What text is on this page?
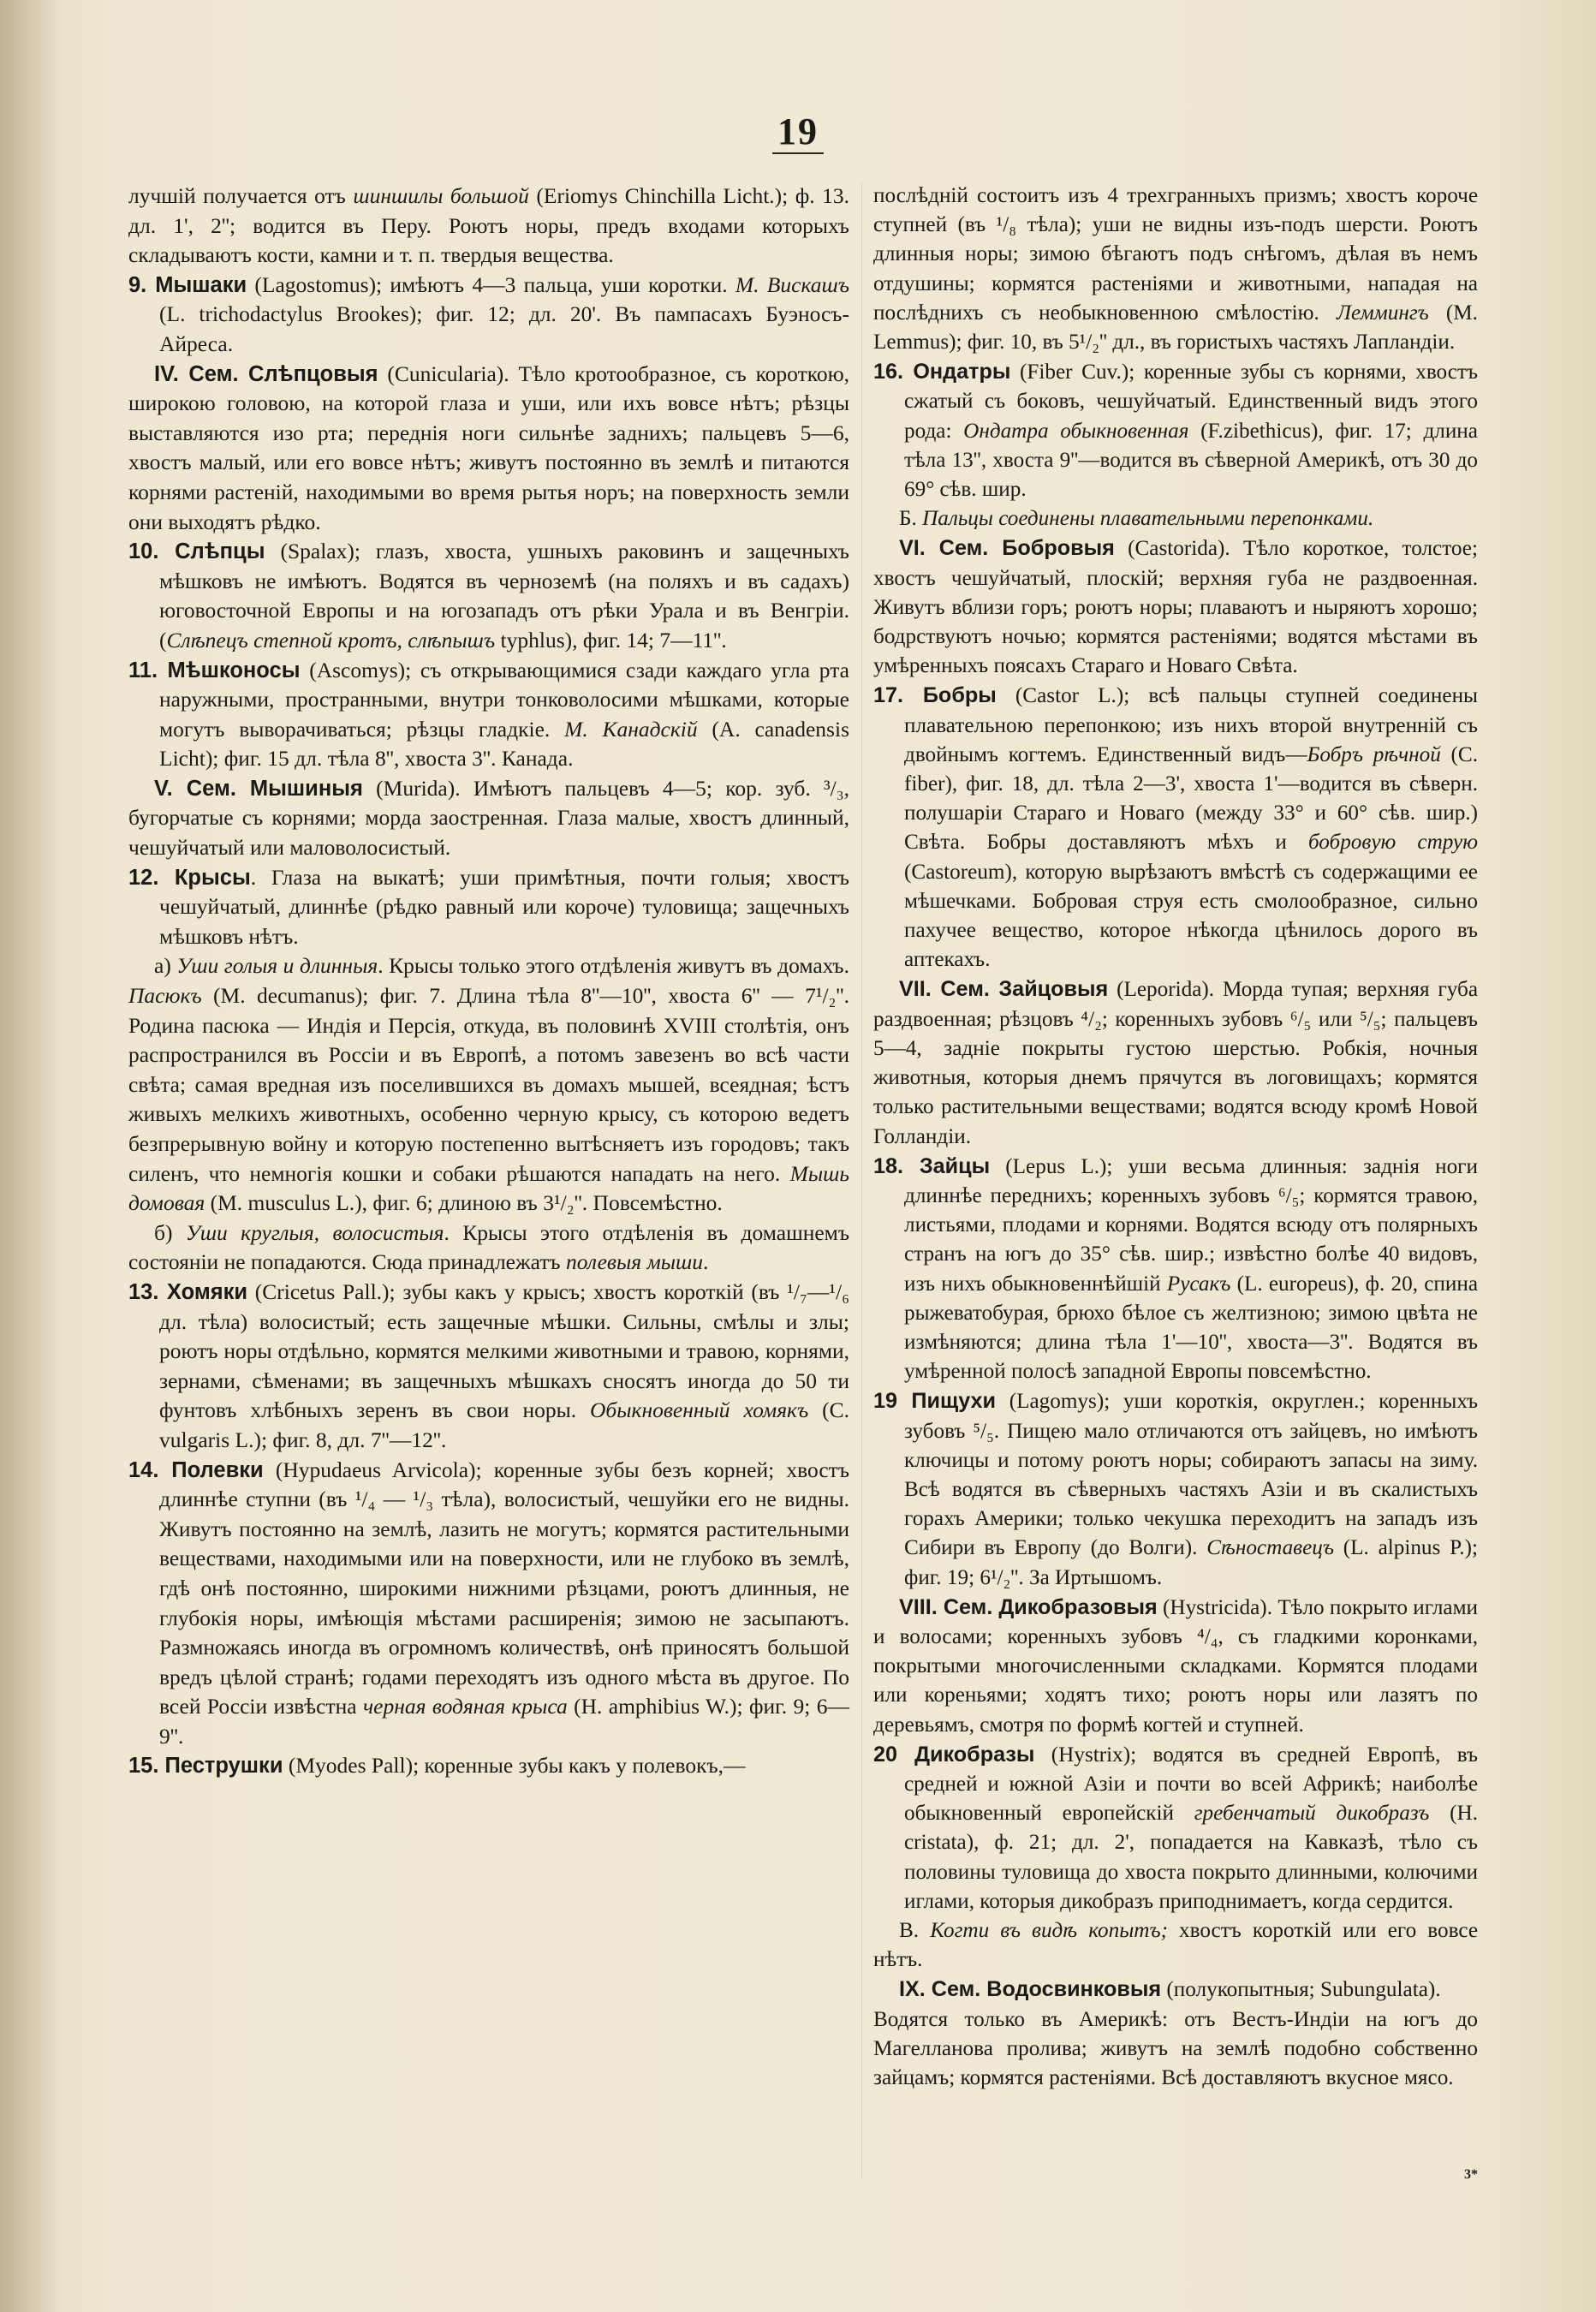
19

лучшій получается отъ шиншилы большой (Eriomys Chinchilla Licht.); ф. 13. дл. 1', 2''; водится въ Перу. Роютъ норы, предъ входами которыхъ складываютъ кости, камни и т. п. твердыя вещества.

9. Мышаки (Lagostomus); имѣютъ 4—3 пальца, уши коротки. М. Вискашъ (L. trichodactylus Brookes); фиг. 12; дл. 20'. Въ пампасахъ Буэносъ-Айреса.

IV. Сем. Слѣпцовыя (Cunicularia). Тѣло кротообразное, съ короткою, широкою головою, на которой глаза и уши, или ихъ вовсе нѣтъ; рѣзцы выставляются изо рта; переднія ноги сильнѣе заднихъ; пальцевъ 5—6, хвостъ малый, или его вовсе нѣтъ; живутъ постоянно въ землѣ и питаются корнями растеній, находимыми во время рытья норъ; на поверхность земли они выходятъ рѣдко.

10. Слѣпцы (Spalax); глазъ, хвоста, ушныхъ раковинъ и защечныхъ мѣшковъ не имѣютъ. Водятся въ черноземѣ (на поляхъ и въ садахъ) юговосточной Европы и на югозападъ отъ рѣки Урала и въ Венгріи. (Слѣпецъ степной кротъ, слѣпышъ typhlus), фиг. 14; 7—11''.

11. Мѣшконосы (Ascomys); съ открывающимися сзади каждаго угла рта наружными, пространными, внутри тонковолосими мѣшками, которые могутъ выворачиваться; рѣзцы гладкіе. М. Канадскій (A. canadensis Licht); фиг. 15 дл. тѣла 8'', хвоста 3''. Канада.

V. Сем. Мышиныя (Murida). Имѣютъ пальцевъ 4—5; кор. зуб. ³/₃, бугорчатые съ корнями; морда заостренная. Глаза малые, хвостъ длинный, чешуйчатый или маловолосистый.

12. Крысы. Глаза на выкатѣ; уши примѣтныя, почти голыя; хвостъ чешуйчатый, длиннѣе (рѣдко равный или короче) туловища; защечныхъ мѣшковъ нѣтъ.

а) Уши голыя и длинныя. Крысы только этого отдѣленія живутъ въ домахъ. Пасюкъ (M. decumanus); фиг. 7. Длина тѣла 8''—10'', хвоста 6'' — 7¹/₂''. Родина пасюка — Индія и Персія, откуда, въ половинѣ XVIII столѣтія, онъ распространился въ Россіи и въ Европѣ, а потомъ завезенъ во всѣ части свѣта; самая вредная изъ поселившихся въ домахъ мышей, всеядная; ѣстъ живыхъ мелкихъ животныхъ, особенно черную крысу, съ которою ведетъ безпрерывную войну и которую постепенно вытѣсняетъ изъ городовъ; такъ силенъ, что немногія кошки и собаки рѣшаются нападать на него. Мышь домовая (M. musculus L.), фиг. 6; длиною въ 3¹/₂''. Повсемѣстно.

б) Уши круглыя, волосистыя. Крысы этого отдѣленія въ домашнемъ состояніи не попадаются. Сюда принадлежатъ полевыя мыши.

13. Хомяки (Cricetus Pall.); зубы какъ у крысъ; хвостъ короткій (въ ¹/₇—¹/₆ дл. тѣла) волосистый; есть защечные мѣшки. Сильны, смѣлы и злы; роютъ норы отдѣльно, кормятся мелкими животными и травою, корнями, зернами, сѣменами; въ защечныхъ мѣшкахъ сносятъ иногда до 50 ти фунтовъ хлѣбныхъ зеренъ въ свои норы. Обыкновенный хомякъ (C. vulgaris L.); фиг. 8, дл. 7''—12''.

14. Полевки (Hypudaeus Arvicola); коренные зубы безъ корней; хвостъ длиннѣе ступни (въ ¹/₄ — ¹/₃ тѣла), волосистый, чешуйки его не видны. Живутъ постоянно на землѣ, лазить не могутъ; кормятся растительными веществами, находимыми или на поверхности, или не глубоко въ землѣ, гдѣ онѣ постоянно, широкими нижними рѣзцами, роютъ длинныя, не глубокія норы, имѣющія мѣстами расширенія; зимою не засыпаютъ. Размножаясь иногда въ огромномъ количествѣ, онѣ приносятъ большой вредъ цѣлой странѣ; годами переходятъ изъ одного мѣста въ другое. По всей Россіи извѣстна черная водяная крыса (H. amphibius W.); фиг. 9; 6—9''.

15. Пеструшки (Myodes Pall); коренные зубы какъ у полевокъ,—

послѣдній состоитъ изъ 4 трехгранныхъ призмъ; хвостъ короче ступней (въ ¹/₈ тѣла); уши не видны изъ-подъ шерсти. Роютъ длинныя норы; зимою бѣгаютъ подъ снѣгомъ, дѣлая въ немъ отдушины; кормятся растеніями и животными, нападая на послѣднихъ съ необыкновенною смѣлостію. Леммингъ (M. Lemmus); фиг. 10, въ 5¹/₂'' дл., въ гористыхъ частяхъ Лапландіи.

16. Ондатры (Fiber Cuv.); коренные зубы съ корнями, хвостъ сжатый съ боковъ, чешуйчатый. Единственный видъ этого рода: Ондатра обыкновенная (F.zibethicus), фиг. 17; длина тѣла 13'', хвоста 9''—водится въ сѣверной Америкѣ, отъ 30 до 69° сѣв. шир.

Б. Пальцы соединены плавательными перепонками.

VI. Сем. Бобровыя (Castorida). Тѣло короткое, толстое; хвостъ чешуйчатый, плоскій; верхняя губа не раздвоенная. Живутъ вблизи горъ; роютъ норы; плаваютъ и ныряютъ хорошо; бодрствуютъ ночью; кормятся растеніями; водятся мѣстами въ умѣренныхъ поясахъ Стараго и Новаго Свѣта.

17. Бобры (Castor L.); всѣ пальцы ступней соединены плавательною перепонкою; изъ нихъ второй внутренній съ двойнымъ когтемъ. Единственный видъ—Бобръ рѣчной (C. fiber), фиг. 18, дл. тѣла 2—3', хвоста 1'—водится въ сѣверн. полушаріи Стараго и Новаго (между 33° и 60° сѣв. шир.) Свѣта. Бобры доставляютъ мѣхъ и бобровую струю (Castoreum), которую вырѣзаютъ вмѣстѣ съ содержащими ее мѣшечками. Бобровая струя есть смолообразное, сильно пахучее вещество, которое нѣкогда цѣнилось дорого въ аптекахъ.

VII. Сем. Зайцовыя (Leporida). Морда тупая; верхняя губа раздвоенная; рѣзцовъ ⁴/₂; коренныхъ зубовъ ⁶/₅ или ⁵/₅; пальцевъ 5—4, задніе покрыты густою шерстью. Робкія, ночныя животныя, которыя днемъ прячутся въ логовищахъ; кормятся только растительными веществами; водятся всюду кромѣ Новой Голландіи.

18. Зайцы (Lepus L.); уши весьма длинныя: заднія ноги длиннѣе переднихъ; коренныхъ зубовъ ⁶/₅; кормятся травою, листьями, плодами и корнями. Водятся всюду отъ полярныхъ странъ на югъ до 35° сѣв. шир.; извѣстно болѣе 40 видовъ, изъ нихъ обыкновеннѣйшій Русакъ (L. europeus), ф. 20, спина рыжеватобурая, брюхо бѣлое съ желтизною; зимою цвѣта не измѣняются; длина тѣла 1'—10'', хвоста—3''. Водятся въ умѣренной полосѣ западной Европы повсемѣстно.

19 Пищухи (Lagomys); уши короткія, округлен.; коренныхъ зубовъ ⁵/₅. Пищею мало отличаются отъ зайцевъ, но имѣютъ ключицы и потому роютъ норы; собираютъ запасы на зиму. Всѣ водятся въ сѣверныхъ частяхъ Азіи и въ скалистыхъ горахъ Америки; только чекушка переходитъ на западъ изъ Сибири въ Европу (до Волги). Сѣноставецъ (L. alpinus P.); фиг. 19; 6¹/₂''. За Иртышомъ.

VIII. Сем. Дикобразовыя (Hystricida). Тѣло покрыто иглами и волосами; коренныхъ зубовъ ⁴/₄, съ гладкими коронками, покрытыми многочисленными складками. Кормятся плодами или кореньями; ходятъ тихо; роютъ норы или лазятъ по деревьямъ, смотря по формѣ когтей и ступней.

20 Дикобразы (Hystrix); водятся въ средней Европѣ, въ средней и южной Азіи и почти во всей Африкѣ; наиболѣе обыкновенный европейскій гребенчатый дикобразъ (H. cristata), ф. 21; дл. 2', попадается на Кавказѣ, тѣло съ половины туловища до хвоста покрыто длинными, колючими иглами, которыя дикобразъ приподнимаетъ, когда сердится.

В. Когти въ видѣ копытъ; хвостъ короткій или его вовсе нѣтъ.

IX. Сем. Водосвинковыя (полукопытныя; Subungulata).

Водятся только въ Америкѣ: отъ Вестъ-Индіи на югъ до Магелланова пролива; живутъ на землѣ подобно собственно зайцамъ; кормятся растеніями. Всѣ доставляютъ вкусное мясо.

3*
